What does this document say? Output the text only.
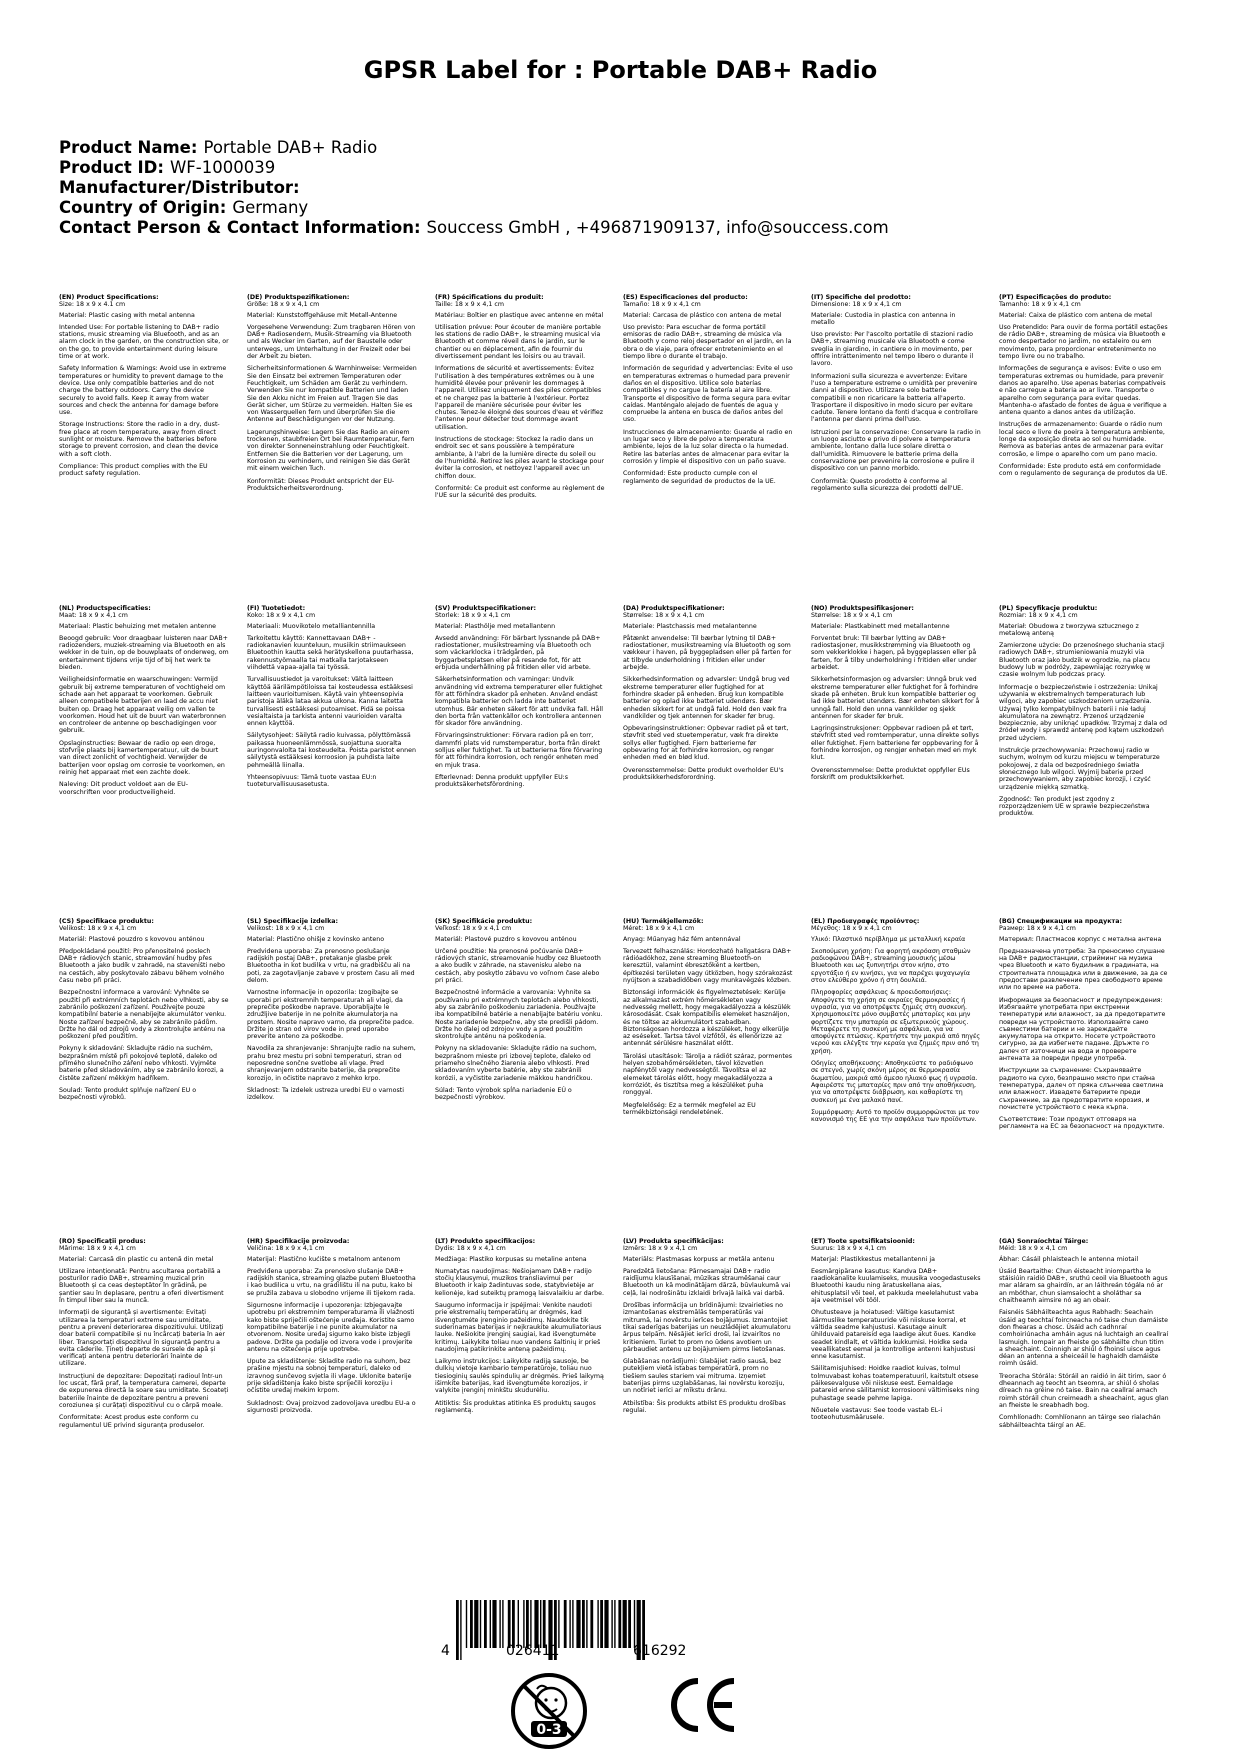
GPSR Label for : Portable DAB+ Radio
Product Name: Portable DAB+ Radio
Product ID: WF-1000039
Manufacturer/Distributor:
Country of Origin: Germany
Contact Person & Contact Information: Souccess GmbH , +496871909137, info@souccess.com
(EN) Product Specifications:

Size: 18 x 9 x 4.1 cm

Material: Plastic casing with metal antenna

Intended Use: For portable listening to DAB+ radio stations, music streaming via Bluetooth, and as an alarm clock in the garden, on the construction site, or on the go, to provide entertainment during leisure time or at work.

Safety Information & Warnings: Avoid use in extreme temperatures or humidity to prevent damage to the device. Use only compatible batteries and do not charge the battery outdoors. Carry the device securely to avoid falls. Keep it away from water sources and check the antenna for damage before use.

Storage Instructions: Store the radio in a dry, dust-free place at room temperature, away from direct sunlight or moisture. Remove the batteries before storage to prevent corrosion, and clean the device with a soft cloth.

Compliance: This product complies with the EU product safety regulation.

(DE) Produktspezifikationen:

Größe: 18 x 9 x 4,1 cm

Material: Kunststoffgehäuse mit Metall-Antenne

Vorgesehene Verwendung: Zum tragbaren Hören von DAB+ Radiosendern, Musik-Streaming via Bluetooth und als Wecker im Garten, auf der Baustelle oder unterwegs, um Unterhaltung in der Freizeit oder bei der Arbeit zu bieten.

Sicherheitsinformationen & Warnhinweise: Vermeiden Sie den Einsatz bei extremen Temperaturen oder Feuchtigkeit, um Schäden am Gerät zu verhindern. Verwenden Sie nur kompatible Batterien und laden Sie den Akku nicht im Freien auf. Tragen Sie das Gerät sicher, um Stürze zu vermeiden. Halten Sie es von Wasserquellen fern und überprüfen Sie die Antenne auf Beschädigungen vor der Nutzung.

Lagerungshinweise: Lagern Sie das Radio an einem trockenen, staubfreien Ort bei Raumtemperatur, fern von direkter Sonneneinstrahlung oder Feuchtigkeit. Entfernen Sie die Batterien vor der Lagerung, um Korrosion zu verhindern, und reinigen Sie das Gerät mit einem weichen Tuch.

Konformität: Dieses Produkt entspricht der EU-Produktsicherheitsverordnung.

(FR) Spécifications du produit:

Taille: 18 x 9 x 4,1 cm

Matériau: Boîtier en plastique avec antenne en métal

Utilisation prévue: Pour écouter de manière portable les stations de radio DAB+, le streaming musical via Bluetooth et comme réveil dans le jardin, sur le chantier ou en déplacement, afin de fournir du divertissement pendant les loisirs ou au travail.

Informations de sécurité et avertissements: Évitez l'utilisation à des températures extrêmes ou à une humidité élevée pour prévenir les dommages à l'appareil. Utilisez uniquement des piles compatibles et ne chargez pas la batterie à l'extérieur. Portez l'appareil de manière sécurisée pour éviter les chutes. Tenez-le éloigné des sources d'eau et vérifiez l'antenne pour détecter tout dommage avant utilisation.

Instructions de stockage: Stockez la radio dans un endroit sec et sans poussière à température ambiante, à l'abri de la lumière directe du soleil ou de l'humidité. Retirez les piles avant le stockage pour éviter la corrosion, et nettoyez l'appareil avec un chiffon doux.

Conformité: Ce produit est conforme au règlement de l'UE sur la sécurité des produits.

(ES) Especificaciones del producto:

Tamaño: 18 x 9 x 4,1 cm

Material: Carcasa de plástico con antena de metal

Uso previsto: Para escuchar de forma portátil emisoras de radio DAB+, streaming de música vía Bluetooth y como reloj despertador en el jardín, en la obra o de viaje, para ofrecer entretenimiento en el tiempo libre o durante el trabajo.

Información de seguridad y advertencias: Evite el uso en temperaturas extremas o humedad para prevenir daños en el dispositivo. Utilice solo baterías compatibles y no cargue la batería al aire libre. Transporte el dispositivo de forma segura para evitar caídas. Manténgalo alejado de fuentes de agua y compruebe la antena en busca de daños antes del uso.

Instrucciones de almacenamiento: Guarde el radio en un lugar seco y libre de polvo a temperatura ambiente, lejos de la luz solar directa o la humedad. Retire las baterías antes de almacenar para evitar la corrosión y limpie el dispositivo con un paño suave.

Conformidad: Este producto cumple con el reglamento de seguridad de productos de la UE.

(IT) Specifiche del prodotto:

Dimensione: 18 x 9 x 4,1 cm

Materiale: Custodia in plastica con antenna in metallo

Uso previsto: Per l'ascolto portatile di stazioni radio DAB+, streaming musicale via Bluetooth e come sveglia in giardino, in cantiere o in movimento, per offrire intrattenimento nel tempo libero o durante il lavoro.

Informazioni sulla sicurezza e avvertenze: Evitare l'uso a temperature estreme o umidità per prevenire danni al dispositivo. Utilizzare solo batterie compatibili e non ricaricare la batteria all'aperto. Trasportare il dispositivo in modo sicuro per evitare cadute. Tenere lontano da fonti d'acqua e controllare l'antenna per danni prima dell'uso.

Istruzioni per la conservazione: Conservare la radio in un luogo asciutto e privo di polvere a temperatura ambiente, lontano dalla luce solare diretta o dall'umidità. Rimuovere le batterie prima della conservazione per prevenire la corrosione e pulire il dispositivo con un panno morbido.

Conformità: Questo prodotto è conforme al regolamento sulla sicurezza dei prodotti dell'UE.

(PT) Especificações do produto:

Tamanho: 18 x 9 x 4,1 cm

Material: Caixa de plástico com antena de metal

Uso Pretendido: Para ouvir de forma portátil estações de rádio DAB+, streaming de música via Bluetooth e como despertador no jardim, no estaleiro ou em movimento, para proporcionar entretenimento no tempo livre ou no trabalho.

Informações de segurança e avisos: Evite o uso em temperaturas extremas ou humidade, para prevenir danos ao aparelho. Use apenas baterias compatíveis e não carregue a bateria ao ar livre. Transporte o aparelho com segurança para evitar quedas. Mantenha-o afastado de fontes de água e verifique a antena quanto a danos antes da utilização.

Instruções de armazenamento: Guarde o rádio num local seco e livre de poeira à temperatura ambiente, longe da exposição direta ao sol ou humidade. Remova as baterias antes de armazenar para evitar corrosão, e limpe o aparelho com um pano macio.

Conformidade: Este produto está em conformidade com o regulamento de segurança de produtos da UE.

(NL) Productspecificaties:

Maat: 18 x 9 x 4,1 cm

Materiaal: Plastic behuizing met metalen antenne

Beoogd gebruik: Voor draagbaar luisteren naar DAB+ radiozenders, muziek-streaming via Bluetooth en als wekker in de tuin, op de bouwplaats of onderweg, om entertainment tijdens vrije tijd of bij het werk te bieden.

Veiligheidsinformatie en waarschuwingen: Vermijd gebruik bij extreme temperaturen of vochtigheid om schade aan het apparaat te voorkomen. Gebruik alleen compatibele batterijen en laad de accu niet buiten op. Draag het apparaat veilig om vallen te voorkomen. Houd het uit de buurt van waterbronnen en controleer de antenne op beschadigingen voor gebruik.

Opslaginstructies: Bewaar de radio op een droge, stofvrije plaats bij kamertemperatuur, uit de buurt van direct zonlicht of vochtigheid. Verwijder de batterijen voor opslag om corrosie te voorkomen, en reinig het apparaat met een zachte doek.

Naleving: Dit product voldoet aan de EU-voorschriften voor productveiligheid.

(FI) Tuotetiedot:

Koko: 18 x 9 x 4,1 cm

Materiaali: Muovikotelo metalliantennilla

Tarkoitettu käyttö: Kannettavaan DAB+ -radiokanavien kuunteluun, musiikin striimaukseen Bluetoothin kautta sekä herätyskellona puutarhassa, rakennustyömaalla tai matkalla tarjotakseen viihdettä vapaa-ajalla tai työssä.

Turvallisuustiedot ja varoitukset: Vältä laitteen käyttöä äärilämpötiloissa tai kosteudessa estääksesi laitteen vaurioitumisen. Käytä vain yhteensopivia paristoja äläkä lataa akkua ulkona. Kanna laitetta turvallisesti estääksesi putoamiset. Pidä se poissa vesialtaista ja tarkista antenni vaurioiden varalta ennen käyttöä.

Säilytysohjeet: Säilytä radio kuivassa, pölyttömässä paikassa huoneenlämmössä, suojattuna suoralta auringonvalolta tai kosteudelta. Poista paristot ennen säilytystä estääksesi korroosion ja puhdista laite pehmeällä liinalla.

Yhteensopivuus: Tämä tuote vastaa EU:n tuoteturvallisuusasetusta.

(SV) Produktspecifikationer:

Storlek: 18 x 9 x 4,1 cm

Material: Plasthölje med metallantenn

Avsedd användning: För bärbart lyssnande på DAB+ radiostationer, musikstreaming via Bluetooth och som väckarklocka i trädgården, på byggarbetsplatsen eller på resande fot, för att erbjuda underhållning på fritiden eller vid arbete.

Säkerhetsinformation och varningar: Undvik användning vid extrema temperaturer eller fuktighet för att förhindra skador på enheten. Använd endast kompatibla batterier och ladda inte batteriet utomhus. Bär enheten säkert för att undvika fall. Håll den borta från vattenkällor och kontrollera antennen för skador före användning.

Förvaringsinstruktioner: Förvara radion på en torr, dammfri plats vid rumstemperatur, borta från direkt solljus eller fuktighet. Ta ut batterierna före förvaring för att förhindra korrosion, och rengör enheten med en mjuk trasa.

Efterlevnad: Denna produkt uppfyller EU:s produktsäkerhetsförordning.

(DA) Produktspecifikationer:

Størrelse: 18 x 9 x 4,1 cm

Materiale: Plastchassis med metalantenne

Påtænkt anvendelse: Til bærbar lytning til DAB+ radiostationer, musikstreaming via Bluetooth og som vækkeur i haven, på byggepladsen eller på farten for at tilbyde underholdning i fritiden eller under arbejde.

Sikkerhedsinformation og advarsler: Undgå brug ved ekstreme temperaturer eller fugtighed for at forhindre skader på enheden. Brug kun kompatible batterier og oplad ikke batteriet udendørs. Bær enheden sikkert for at undgå fald. Hold den væk fra vandkilder og tjek antennen for skader før brug.

Opbevaringsinstruktioner: Opbevar radiet på et tørt, støvfrit sted ved stuetemperatur, væk fra direkte sollys eller fugtighed. Fjern batterierne før opbevaring for at forhindre korrosion, og rengør enheden med en blød klud.

Overensstemmelse: Dette produkt overholder EU's produktsikkerhedsforordning.

(NO) Produktspesifikasjoner:

Størrelse: 18 x 9 x 4,1 cm

Materiale: Plastkabinett med metallantenne

Forventet bruk: Til bærbar lytting av DAB+ radiostasjoner, musikkstrømming via Bluetooth og som vekkerklokke i hagen, på byggeplassen eller på farten, for å tilby underholdning i fritiden eller under arbeidet.

Sikkerhetsinformasjon og advarsler: Unngå bruk ved ekstreme temperaturer eller fuktighet for å forhindre skade på enheten. Bruk kun kompatible batterier og lad ikke batteriet utendørs. Bær enheten sikkert for å unngå fall. Hold den unna vannkilder og sjekk antennen for skader før bruk.

Lagringsinstruksjoner: Oppbevar radioen på et tørt, støvfritt sted ved romtemperatur, unna direkte sollys eller fuktighet. Fjern batteriene før oppbevaring for å forhindre korrosjon, og rengjør enheten med en myk klut.

Overensstemmelse: Dette produktet oppfyller EUs forskrift om produktsikkerhet.

(PL) Specyfikacje produktu:

Rozmiar: 18 x 9 x 4,1 cm

Materiał: Obudowa z tworzywa sztucznego z metalową anteną

Zamierzone użycie: Do przenośnego słuchania stacji radiowych DAB+, strumieniowania muzyki via Bluetooth oraz jako budzik w ogrodzie, na placu budowy lub w podróży, zapewniając rozrywkę w czasie wolnym lub podczas pracy.

Informacje o bezpieczeństwie i ostrzeżenia: Unikaj używania w ekstremalnych temperaturach lub wilgoci, aby zapobiec uszkodzeniom urządzenia. Używaj tylko kompatybilnych baterii i nie ładuj akumulatora na zewnątrz. Przenoś urządzenie bezpiecznie, aby uniknąć upadków. Trzymaj z dala od źródeł wody i sprawdź antenę pod kątem uszkodzeń przed użyciem.

Instrukcje przechowywania: Przechowuj radio w suchym, wolnym od kurzu miejscu w temperaturze pokojowej, z dala od bezpośredniego światła słonecznego lub wilgoci. Wyjmij baterie przed przechowywaniem, aby zapobiec korozji, i czyść urządzenie miękką szmatką.

Zgodność: Ten produkt jest zgodny z rozporządzeniem UE w sprawie bezpieczeństwa produktów.

(CS) Specifikace produktu:

Velikost: 18 x 9 x 4,1 cm

Materiál: Plastové pouzdro s kovovou anténou

Předpokládané použití: Pro přenositelné poslech DAB+ rádiových stanic, streamování hudby přes Bluetooth a jako budík v zahradě, na staveništi nebo na cestách, aby poskytovalo zábavu během volného času nebo při práci.

Bezpečnostní informace a varování: Vyhněte se použití při extrémních teplotách nebo vlhkosti, aby se zabránilo poškození zařízení. Používejte pouze kompatibilní baterie a nenabíjejte akumulátor venku. Noste zařízení bezpečně, aby se zabránilo pádům. Držte ho dál od zdrojů vody a zkontrolujte anténu na poškození před použitím.

Pokyny k skladování: Skladujte rádio na suchém, bezprašném místě při pokojové teplotě, daleko od přímého slunečního záření nebo vlhkosti. Vyjměte baterie před skladováním, aby se zabránilo korozi, a čistěte zařízení měkkým hadříkem.

Soulad: Tento produkt splňuje nařízení EU o bezpečnosti výrobků.

(SL) Specifikacije izdelka:

Velikost: 18 x 9 x 4,1 cm

Material: Plastično ohišje z kovinsko anteno

Predvidena uporaba: Za prenosno poslušanje radijskih postaj DAB+, pretakanje glasbe prek Bluetootha in kot budilka v vrtu, na gradbišču ali na poti, za zagotavljanje zabave v prostem času ali med delom.

Varnostne informacije in opozorila: Izogibajte se uporabi pri ekstremnih temperaturah ali vlagi, da preprečite poškodbe naprave. Uporabljajte le združljive baterije in ne polnite akumulatorja na prostem. Nosite napravo varno, da preprečite padce. Držite jo stran od virov vode in pred uporabo preverite anteno za poškodbe.

Navodila za shranjevanje: Shranjujte radio na suhem, prahu brez mestu pri sobni temperaturi, stran od neposredne sončne svetlobe ali vlage. Pred shranjevanjem odstranite baterije, da preprečite korozijo, in očistite napravo z mehko krpo.

Skladnost: Ta izdelek ustreza uredbi EU o varnosti izdelkov.

(SK) Špecifikácie produktu:

Veľkosť: 18 x 9 x 4,1 cm

Materiál: Plastové puzdro s kovovou anténou

Určené použitie: Na prenosné počúvanie DAB+ rádiových staníc, streamovanie hudby cez Bluetooth a ako budík v záhrade, na stavenisku alebo na cestách, aby poskytlo zábavu vo voľnom čase alebo pri práci.

Bezpečnostné informácie a varovania: Vyhnite sa používaniu pri extrémnych teplotách alebo vlhkosti, aby sa zabránilo poškodeniu zariadenia. Používajte iba kompatibilné batérie a nenabíjajte batériu vonku. Noste zariadenie bezpečne, aby ste predišli pádom. Držte ho ďalej od zdrojov vody a pred použitím skontrolujte anténu na poškodenia.

Pokyny na skladovanie: Skladujte rádio na suchom, bezprašnom mieste pri izbovej teplote, ďaleko od priameho slnečného žiarenia alebo vlhkosti. Pred skladovaním vyberte batérie, aby ste zabránili korózii, a vyčistite zariadenie mäkkou handričkou.

Súlad: Tento výrobok spĺňa nariadenie EÚ o bezpečnosti výrobkov.

(HU) Termékjellemzők:

Méret: 18 x 9 x 4,1 cm

Anyag: Műanyag ház fém antennával

Tervezett felhasználás: Hordozható hallgatásra DAB+ rádióadókhoz, zene streaming Bluetooth-on keresztül, valamint ébresztőként a kertben, építkezési területen vagy útközben, hogy szórakozást nyújtson a szabadidőben vagy munkavégzés közben.

Biztonsági információk és figyelmeztetések: Kerülje az alkalmazást extrém hőmérsékleten vagy nedvesség mellett, hogy megakadályozza a készülék károsodását. Csak kompatibilis elemeket használjon, és ne töltse az akkumulátort szabadban. Biztonságosan hordozza a készüléket, hogy elkerülje az eséseket. Tartsa távol vízfőtől, és ellenőrizze az antennát sérülésre használat előtt.

Tárolási utasítások: Tárolja a rádiót száraz, pormentes helyen szobahőmérsékleten, távol közvetlen napfénytől vagy nedvességtől. Távolítsa el az elemeket tárolás előtt, hogy megakadályozza a korróziót, és tisztítsa meg a készüléket puha ronggyal.

Megfelelőség: Ez a termék megfelel az EU termékbiztonsági rendeletének.

(EL) Προδιαγραφές προϊόντος:

Μέγεθος: 18 x 9 x 4,1 cm

Υλικό: Πλαστικό περίβλημα με μεταλλική κεραία

Σκοπούμενη χρήση: Για φορητή ακρόαση σταθμών ραδιοφώνου DAB+, streaming μουσικής μέσω Bluetooth και ως ξυπνητήρι στον κήπο, στο εργοτάξιο ή εν κινήσει, για να παρέχει ψυχαγωγία στον ελεύθερο χρόνο ή στη δουλειά.

Πληροφορίες ασφάλειας & προειδοποιήσεις: Αποφύγετε τη χρήση σε ακραίες θερμοκρασίες ή υγρασία, για να αποτρέψετε ζημιές στη συσκευή. Χρησιμοποιείτε μόνο συμβατές μπαταρίες και μην φορτίζετε την μπαταρία σε εξωτερικούς χώρους. Μεταφέρετε τη συσκευή με ασφάλεια, για να αποφύγετε πτώσεις. Κρατήστε την μακριά από πηγές νερού και ελέγξτε την κεραία για ζημιές πριν από τη χρήση.

Οδηγίες αποθήκευσης: Αποθηκεύστε το ραδιόφωνο σε στεγνό, χωρίς σκόνη μέρος σε θερμοκρασία δωματίου, μακριά από άμεσο ηλιακό φως ή υγρασία. Αφαιρέστε τις μπαταρίες πριν από την αποθήκευση, για να αποτρέψετε διάβρωση, και καθαρίστε τη συσκευή με ένα μαλακό πανί.

Συμμόρφωση: Αυτό το προϊόν συμμορφώνεται με τον κανονισμό της ΕΕ για την ασφάλεια των προϊόντων.

(BG) Спецификации на продукта:

Размер: 18 x 9 x 4,1 cm

Материал: Пластмасов корпус с метална антена

Предназначена употреба: За преносимо слушане на DAB+ радиостанции, стрийминг на музика чрез Bluetooth и като будилник в градината, на строителната площадка или в движение, за да се предостави развлечение през свободното време или по време на работа.

Информация за безопасност и предупреждения: Избягвайте употребата при екстремни температури или влажност, за да предотвратите повреди на устройството. Използвайте само съвместими батерии и не зареждайте акумулатора на открито. Носете устройството сигурно, за да избегнете падане. Дръжте го далеч от източници на вода и проверете антената за повреди преди употреба.

Инструкции за съхранение: Съхранявайте радиото на сухо, безпрашно място при стайна температура, далеч от пряка слънчева светлина или влажност. Извадете батериите преди съхранение, за да предотвратите корозия, и почистете устройството с мека кърпа.

Съответствие: Този продукт отговаря на регламента на ЕС за безопасност на продуктите.

(RO) Specificații produs:

Mărime: 18 x 9 x 4,1 cm

Material: Carcasă din plastic cu antenă din metal

Utilizare intenționată: Pentru ascultarea portabilă a posturilor radio DAB+, streaming muzical prin Bluetooth și ca ceas deșteptător în grădină, pe șantier sau în deplasare, pentru a oferi divertisment în timpul liber sau la muncă.

Informații de siguranță și avertismente: Evitați utilizarea la temperaturi extreme sau umiditate, pentru a preveni deteriorarea dispozitivului. Utilizați doar baterii compatibile și nu încărcați bateria în aer liber. Transportați dispozitivul în siguranță pentru a evita căderile. Țineți departe de sursele de apă și verificați antena pentru deteriorări înainte de utilizare.

Instrucțiuni de depozitare: Depozitați radioul într-un loc uscat, fără praf, la temperatura camerei, departe de expunerea directă la soare sau umiditate. Scoateți bateriile înainte de depozitare pentru a preveni coroziunea și curățați dispozitivul cu o cârpă moale.

Conformitate: Acest produs este conform cu regulamentul UE privind siguranța produselor.

(HR) Specifikacije proizvoda:

Veličina: 18 x 9 x 4,1 cm

Materijal: Plastično kućište s metalnom antenom

Predviđena uporaba: Za prenosivo slušanje DAB+ radijskih stanica, streaming glazbe putem Bluetootha i kao budilica u vrtu, na gradilištu ili na putu, kako bi se pružila zabava u slobodno vrijeme ili tijekom rada.

Sigurnosne informacije i upozorenja: Izbjegavajte upotrebu pri ekstremnim temperaturama ili vlažnosti kako biste spriječili oštećenje uređaja. Koristite samo kompatibilne baterije i ne punite akumulator na otvorenom. Nosite uređaj sigurno kako biste izbjegli padove. Držite ga podalje od izvora vode i provjerite antenu na oštećenja prije upotrebe.

Upute za skladištenje: Skladite radio na suhom, bez prašine mjestu na sobnoj temperaturi, daleko od izravnog sunčevog svjetla ili vlage. Uklonite baterije prije skladištenja kako biste spriječili koroziju i očistite uređaj mekim krpom.

Sukladnost: Ovaj proizvod zadovoljava uredbu EU-a o sigurnosti proizvoda.

(LT) Produkto specifikacijos:

Dydis: 18 x 9 x 4,1 cm

Medžiaga: Plastiko korpusas su metaline antena

Numatytas naudojimas: Nešiojamam DAB+ radijo stočių klausymui, muzikos transliavimui per Bluetooth ir kaip žadintuvas sode, statybvietėje ar kelionėje, kad suteiktų pramogą laisvalaikiu ar darbe.

Saugumo informacija ir įspėjimai: Venkite naudoti prie ekstremalių temperatūrų ar drėgmės, kad išvengtumėte įrenginio pažeidimų. Naudokite tik suderinamas baterijas ir neįkraukite akumuliatoriaus lauke. Nešiokite įrenginį saugiai, kad išvengtumėte kritimų. Laikykite toliau nuo vandens šaltinių ir prieš naudojimą patikrinkite anteną pažeidimų.

Laikymo instrukcijos: Laikykite radiją sausoje, be dulkių vietoje kambario temperatūroje, toliau nuo tiesioginių saulės spindulių ar drėgmės. Prieš laikymą išimkite baterijas, kad išvengtumėte korozijos, ir valykite įrenginį minkštu skudurėliu.

Atitiktis: Šis produktas atitinka ES produktų saugos reglamentą.

(LV) Produkta specifikācijas:

Izmērs: 18 x 9 x 4,1 cm

Materiāls: Plastmasas korpuss ar metāla antenu

Paredzētā lietošana: Pārnesamajai DAB+ radio raidījumu klausīšanai, mūzikas straumēšanai caur Bluetooth un kā modinātājam dārzā, būvlaukumā vai ceļā, lai nodrošinātu izklaidi brīvajā laikā vai darbā.

Drošības informācija un brīdinājumi: Izvairieties no izmantošanas ekstremālās temperatūrās vai mitrumā, lai novērstu ierīces bojājumus. Izmantojiet tikai saderīgas baterijas un neuzlādējiet akumulatoru ārpus telpām. Nēsājiet ierīci droši, lai izvairītos no kritieniem. Turiet to prom no ūdens avotiem un pārbaudiet antenu uz bojājumiem pirms lietošanas.

Glabāšanas norādījumi: Glabājiet radio sausā, bez putekļiem vietā istabas temperatūrā, prom no tiešiem saules stariem vai mitruma. Izņemiet baterijas pirms uzglabāšanas, lai novērstu koroziju, un notīriet ierīci ar mīkstu drānu.

Atbilstība: Šis produkts atbilst ES produktu drošības regulai.

(ET) Toote spetsifikatsioonid:

Suurus: 18 x 9 x 4,1 cm

Materjal: Plastikkestus metallantenni ja

Eesmärgipärane kasutus: Kandva DAB+ raadiokanalite kuulamiseks, muusika voogedastuseks Bluetoothi kaudu ning äratuskellana aias, ehitusplatsil või teel, et pakkuda meelelahutust vaba aja veetmisel või tööl.

Ohutusteave ja hoiatused: Vältige kasutamist äärmuslike temperatuuride või niiskuse korral, et vältida seadme kahjustusi. Kasutage ainult ühilduvaid patareisid ega laadige akut õues. Kandke seadet kindlalt, et vältida kukkumisi. Hoidke seda veeallikatest eemal ja kontrollige antenni kahjustusi enne kasutamist.

Säilitamisjuhised: Hoidke raadiot kuivas, tolmul tolmuvabast kohas toatemperatuuril, kaitstult otsese päikesevalguse või niiskuse eest. Eemaldage patareid enne säilitamist korrosiooni vältimiseks ning puhastage seade pehme lapiga.

Nõuetele vastavus: See toode vastab EL-i tooteohutusmäärusele.

(GA) Sonraíochtaí Táirge:

Méid: 18 x 9 x 4,1 cm

Ábhar: Cásáil phlaisteach le antenna miotail

Úsáid Beartaithe: Chun éisteacht iniompartha le stáisiúin raidió DAB+, sruthú ceoil via Bluetooth agus mar aláram sa ghairdín, ar an láithreán tógála nó ar an mbóthar, chun siamsaíocht a sholáthar sa chaitheamh aimsire nó ag an obair.

Faisnéis Sábháilteachta agus Rabhadh: Seachain úsáid ag teochtaí foircneacha nó taise chun damáiste don fhearas a chosc. Úsáid ach cadhnraí comhoiriúnacha amháin agus ná luchtaigh an ceallraí lasmuigh. Iompair an fheiste go sábháilte chun titim a sheachaint. Coinnigh ar shiúl ó fhoinsí uisce agus déan an antenna a sheiceáil le haghaidh damáiste roimh úsáid.

Treoracha Stórála: Stóráil an raidió in áit tirim, saor ó dheannach ag teocht an tseomra, ar shiúl ó sholas díreach na gréine nó taise. Bain na ceallraí amach roimh stóráil chun creimeadh a sheachaint, agus glan an fheiste le sreabhadh bog.

Comhlíonadh: Comhlíonann an táirge seo rialachán sábháilteachta táirgí an AE.

4	026411	616292
0-3
